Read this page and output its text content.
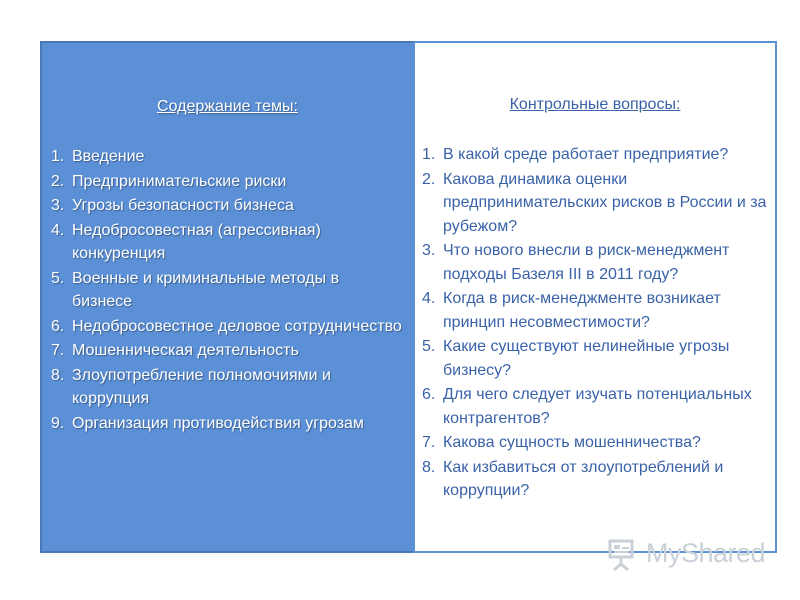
Содержание темы:

1. Введение
2. Предпринимательские риски
3. Угрозы безопасности бизнеса
4. Недобросовестная (агрессивная) конкуренция
5. Военные и криминальные методы в бизнесе
6. Недобросовестное деловое сотрудничество
7. Мошенническая деятельность
8. Злоупотребление полномочиями и коррупция
9. Организация противодействия угрозам

Контрольные вопросы:

1. В какой среде работает предприятие?
2. Какова динамика оценки предпринимательских рисков в России и за рубежом?
3. Что нового внесли в риск-менеджмент подходы Базеля III в 2011 году?
4. Когда в риск-менеджменте возникает принцип несовместимости?
5. Какие существуют нелинейные угрозы бизнесу?
6. Для чего следует изучать потенциальных контрагентов?
7. Какова сущность мошенничества?
8. Как избавиться от злоупотреблений и коррупции?
MyShared
